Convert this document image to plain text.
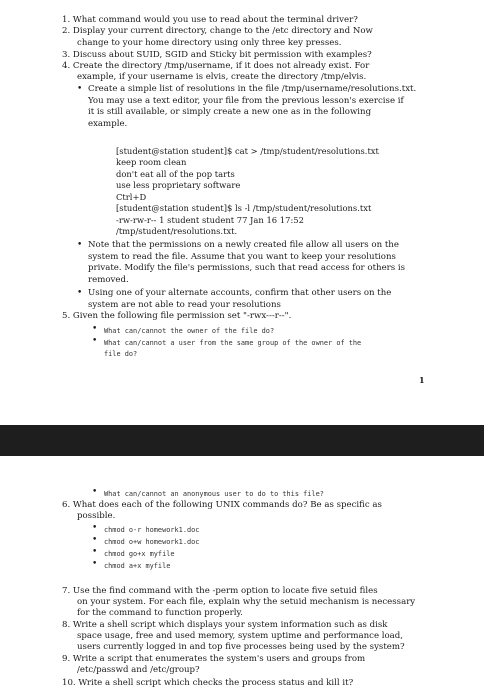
1. What command would you use to read about the terminal driver?
2. Display your current directory, change to the /etc directory and Now
change to your home directory using only three key presses.
3. Discuss about SUID, SGID and Sticky bit permission with examples?
4. Create the directory /tmp/username, if it does not already exist. For
example, if your username is elvis, create the directory /tmp/elvis.
• Create a simple list of resolutions in the file /tmp/username/resolutions.txt.
You may use a text editor, your file from the previous lesson's exercise if
it is still available, or simply create a new one as in the following
example.
[student@station student]$ cat > /tmp/student/resolutions.txt
keep room clean
don't eat all of the pop tarts
use less proprietary software
Ctrl+D
[student@station student]$ ls -l /tmp/student/resolutions.txt
-rw-rw-r-- 1 student student 77 Jan 16 17:52
/tmp/student/resolutions.txt.
• Note that the permissions on a newly created file allow all users on the
system to read the file. Assume that you want to keep your resolutions
private. Modify the file's permissions, such that read access for others is
removed.
• Using one of your alternate accounts, confirm that other users on the
system are not able to read your resolutions
5. Given the following file permission set "-rwx---r--".
• What can/cannot the owner of the file do?
• What can/cannot a user from the same group of the owner of the
file do?
1
• What can/cannot an anonymous user to do to this file?
6. What does each of the following UNIX commands do? Be as specific as
possible.
• chmod o-r homework1.doc
• chmod o+w homework1.doc
• chmod go+x myfile
• chmod a+x myfile
7. Use the find command with the -perm option to locate five setuid files
on your system. For each file, explain why the setuid mechanism is necessary
for the command to function properly.
8. Write a shell script which displays your system information such as disk
space usage, free and used memory, system uptime and performance load,
users currently logged in and top five processes being used by the system?
9. Write a script that enumerates the system's users and groups from
/etc/passwd and /etc/group?
10. Write a shell script which checks the process status and kill it?
